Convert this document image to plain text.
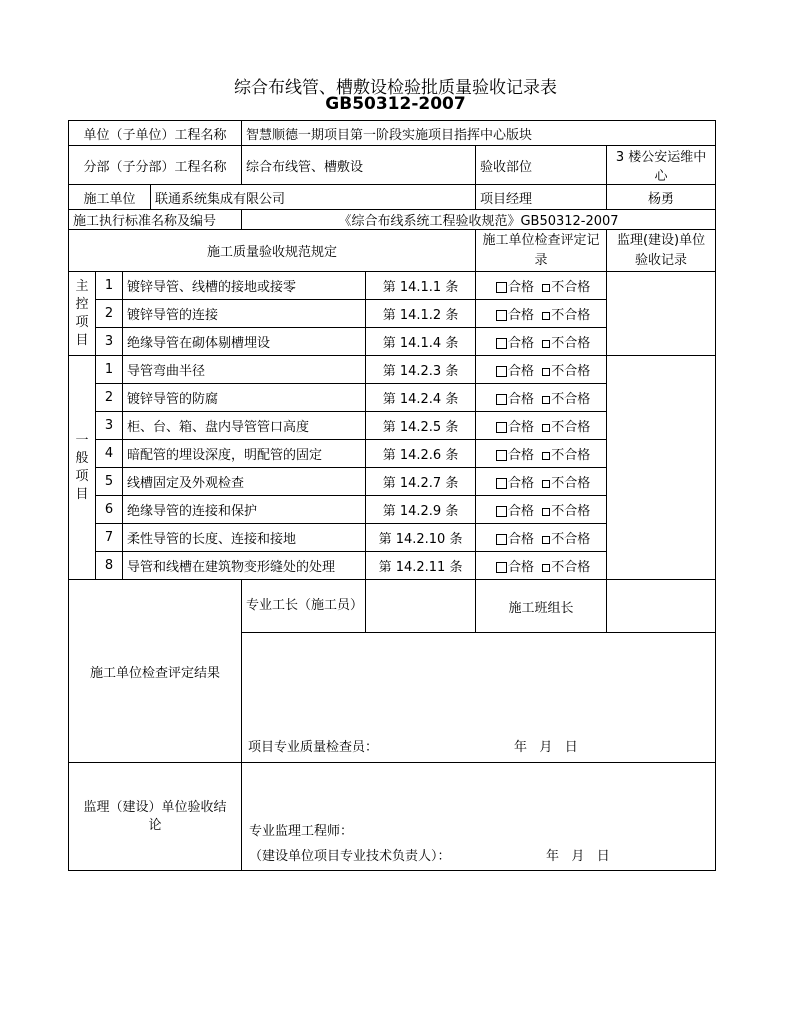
综合布线管、槽敷设检验批质量验收记录表
GB50312-2007
单位（子单位）工程名称				智慧顺德一期项目第一阶段实施项目指挥中心版块			
分部（子分部）工程名称				综合布线管、槽敷设		验收部位	3 楼公安运维中心
施工单位			联通系统集成有限公司			项目经理	杨勇
施工执行标准名称及编号				《综合布线系统工程验收规范》GB50312-2007			
施工质量验收规范规定						施工单位检查评定记录	监理(建设)单位验收记录

主
控
项
目	1	镀锌导管、线槽的接地或接零			第 14.1.1 条	合格 不合格	
	2	镀锌导管的连接			第 14.1.2 条	合格 不合格	
	3	绝缘导管在砌体剔槽埋设			第 14.1.4 条	合格 不合格	

一
般
项
目	1	导管弯曲半径			第 14.2.3 条	合格 不合格	
	2	镀锌导管的防腐			第 14.2.4 条	合格 不合格	
	3	柜、台、箱、盘内导管管口高度			第 14.2.5 条	合格 不合格	
	4	暗配管的埋设深度，明配管的固定			第 14.2.6 条	合格 不合格	
	5	线槽固定及外观检查			第 14.2.7 条	合格 不合格	
	6	绝缘导管的连接和保护			第 14.2.9 条	合格 不合格	
	7	柔性导管的长度、连接和接地			第 14.2.10 条	合格 不合格	
	8	导管和线槽在建筑物变形缝处的处理			第 14.2.11 条	合格 不合格	
施工单位检查评定结果				专业工长（施工员）		施工班组长	

				项目专业质量检查员： 年   月   日			

监理（建设）单位验收结论				专业监理工程师：
（建设单位项目专业技术负责人）： 年   月   日			
